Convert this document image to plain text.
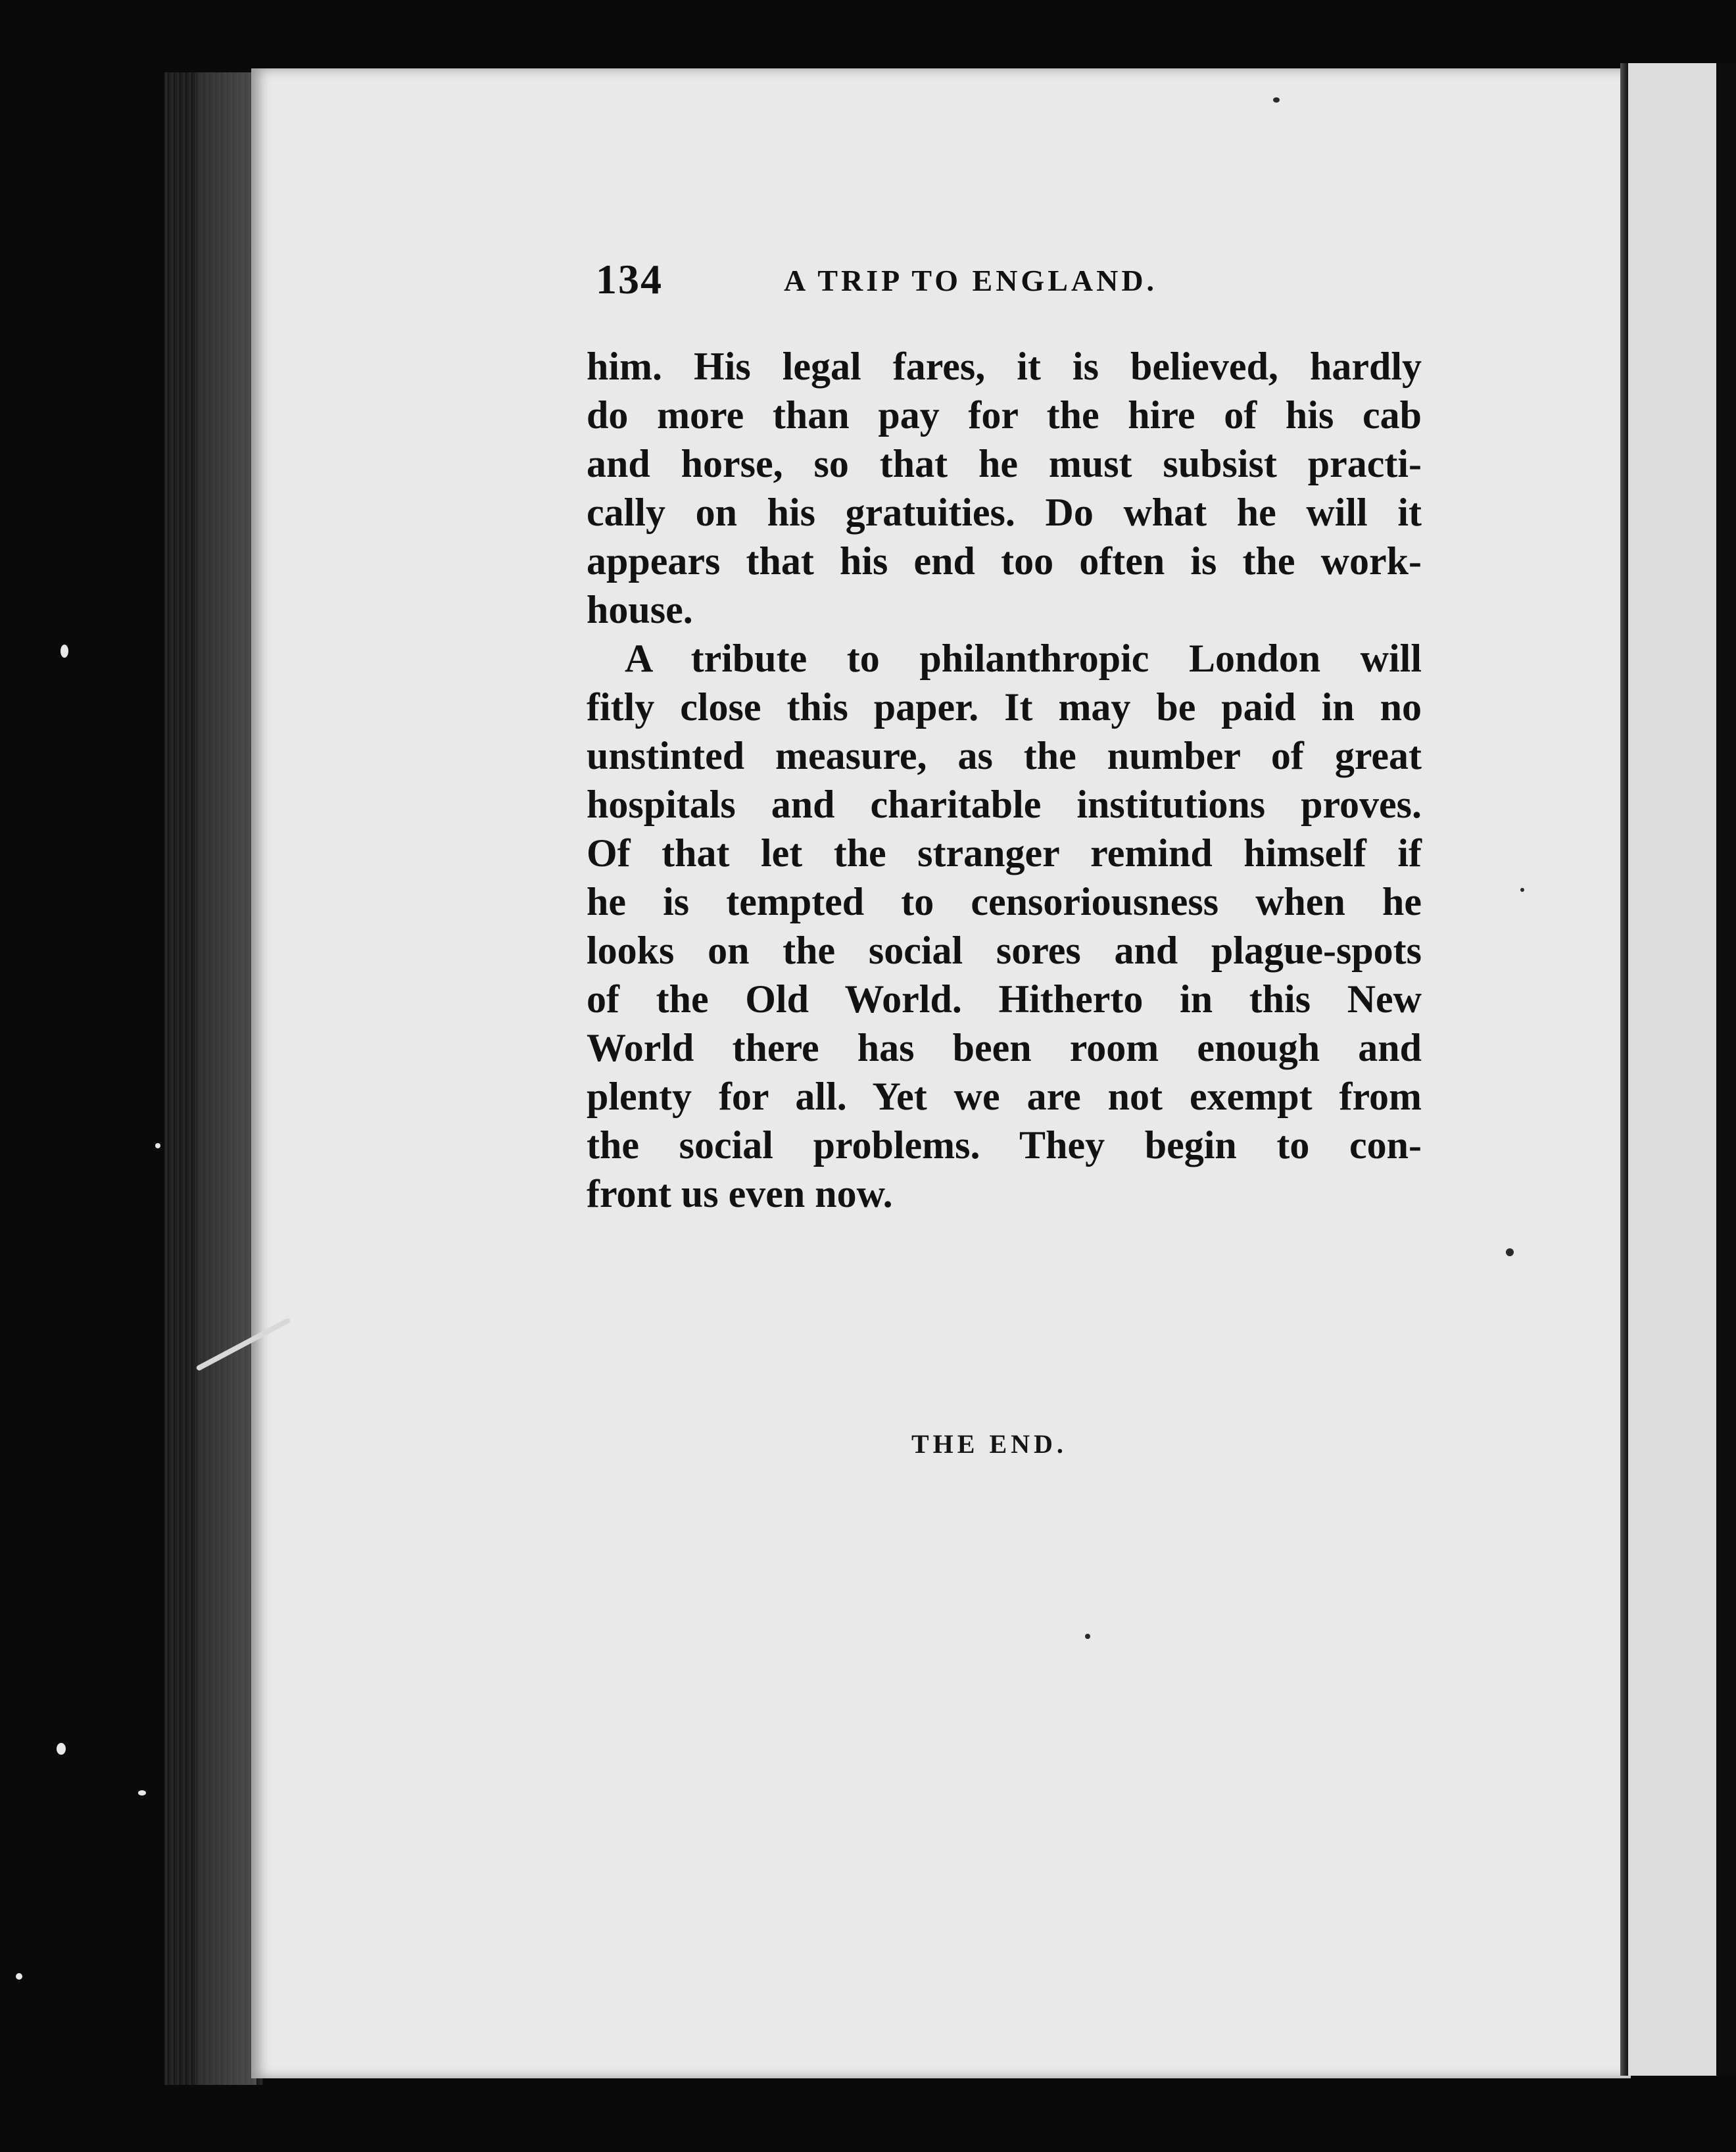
134	A TRIP TO ENGLAND.
him. His legal fares, it is believed, hardly
do more than pay for the hire of his cab
and horse, so that he must subsist practi-
cally on his gratuities. Do what he will it
appears that his end too often is the work-
house.
A tribute to philanthropic London will
fitly close this paper. It may be paid in no
unstinted measure, as the number of great
hospitals and charitable institutions proves.
Of that let the stranger remind himself if
he is tempted to censoriousness when he
looks on the social sores and plague-spots
of the Old World. Hitherto in this New
World there has been room enough and
plenty for all. Yet we are not exempt from
the social problems. They begin to con-
front us even now.
THE END.
